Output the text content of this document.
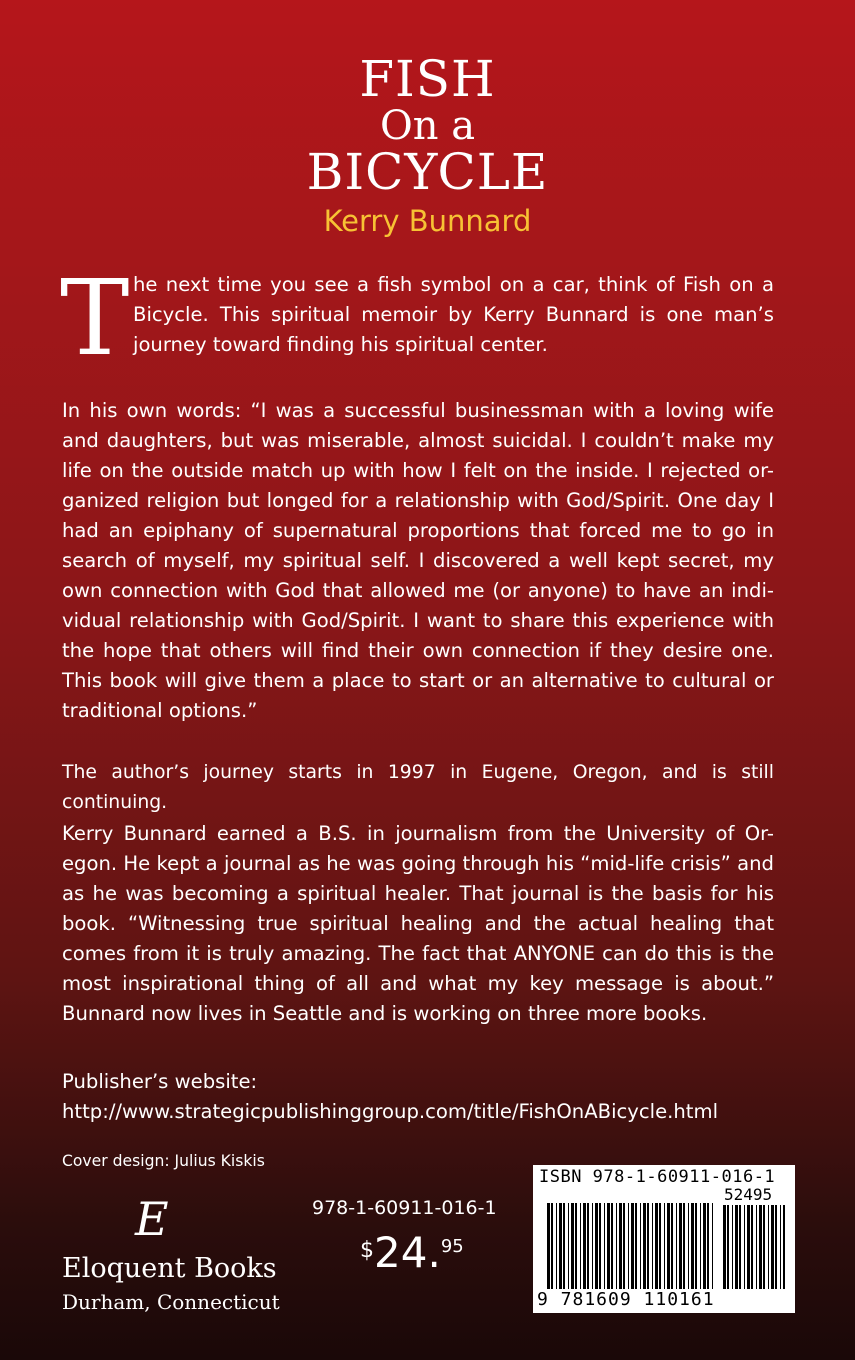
FISH
On a
BICYCLE
Kerry Bunnard
T he next time you see a fish symbol on a car, think of Fish on a Bicycle. This spiritual memoir by Kerry Bunnard is one man’s journey toward finding his spiritual center.
In his own words: “I was a successful businessman with a loving wife and daughters, but was miserable, almost suicidal. I couldn’t make my life on the outside match up with how I felt on the inside. I rejected or-ganized religion but longed for a relationship with God/Spirit. One day I had an epiphany of supernatural proportions that forced me to go in search of myself, my spiritual self. I discovered a well kept secret, my own connection with God that allowed me (or anyone) to have an indi-vidual relationship with God/Spirit. I want to share this experience with the hope that others will find their own connection if they desire one. This book will give them a place to start or an alternative to cultural or traditional options.”
The author’s journey starts in 1997 in Eugene, Oregon, and is still continuing.
Kerry Bunnard earned a B.S. in journalism from the University of Or-egon. He kept a journal as he was going through his “mid-life crisis” and as he was becoming a spiritual healer. That journal is the basis for his book. “Witnessing true spiritual healing and the actual healing that comes from it is truly amazing. The fact that ANYONE can do this is the most inspirational thing of all and what my key message is about.” Bunnard now lives in Seattle and is working on three more books.
Publisher’s website:
http://www.strategicpublishinggroup.com/title/FishOnABicycle.html
Cover design: Julius Kiskis
E
Eloquent Books
Durham, Connecticut
978-1-60911-016-1
$24.95
ISBN 978-1-60911-016-1
52495
9 781609 110161
